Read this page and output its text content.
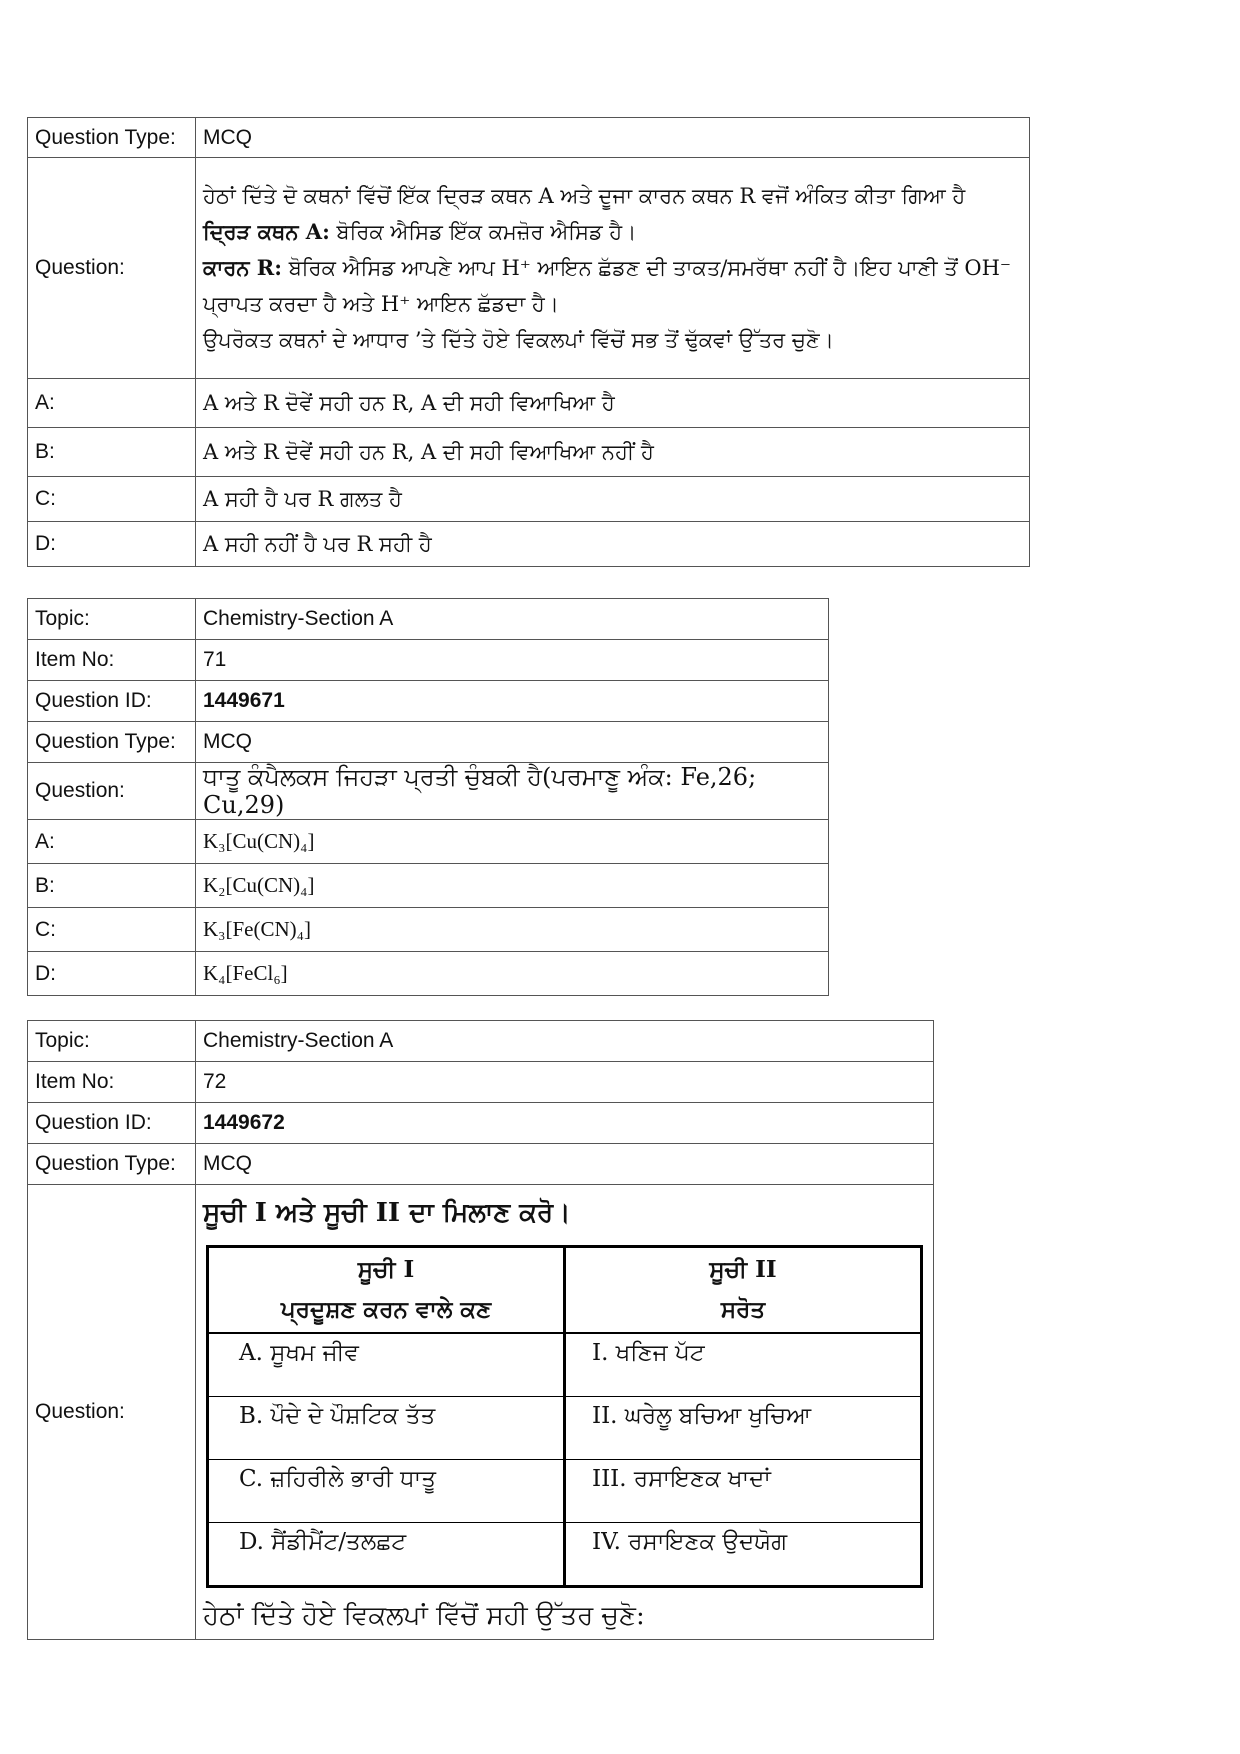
Question Type:	MCQ
Question:	ਹੇਠਾਂ ਦਿੱਤੇ ਦੋ ਕਥਨਾਂ ਵਿੱਚੋਂ ਇੱਕ ਦ੍ਰਿੜ ਕਥਨ A ਅਤੇ ਦੂਜਾ ਕਾਰਨ ਕਥਨ R ਵਜੋਂ ਅੰਕਿਤ ਕੀਤਾ ਗਿਆ ਹੈ
ਦ੍ਰਿੜ ਕਥਨ A: ਬੋਰਿਕ ਐਸਿਡ ਇੱਕ ਕਮਜ਼ੋਰ ਐਸਿਡ ਹੈ।
ਕਾਰਨ R: ਬੋਰਿਕ ਐਸਿਡ ਆਪਣੇ ਆਪ H⁺ ਆਇਨ ਛੱਡਣ ਦੀ ਤਾਕਤ/ਸਮਰੱਥਾ ਨਹੀਂ ਹੈ।ਇਹ ਪਾਣੀ ਤੋਂ OH⁻ ਪ੍ਰਾਪਤ ਕਰਦਾ ਹੈ ਅਤੇ H⁺ ਆਇਨ ਛੱਡਦਾ ਹੈ।
ਉਪਰੋਕਤ ਕਥਨਾਂ ਦੇ ਆਧਾਰ ’ਤੇ ਦਿੱਤੇ ਹੋਏ ਵਿਕਲਪਾਂ ਵਿੱਚੋਂ ਸਭ ਤੋਂ ਢੁੱਕਵਾਂ ਉੱਤਰ ਚੁਣੋ।

A:	A ਅਤੇ R ਦੋਵੇਂ ਸਹੀ ਹਨ R, A ਦੀ ਸਹੀ ਵਿਆਖਿਆ ਹੈ
B:	A ਅਤੇ R ਦੋਵੇਂ ਸਹੀ ਹਨ R, A ਦੀ ਸਹੀ ਵਿਆਖਿਆ ਨਹੀਂ ਹੈ
C:	A ਸਹੀ ਹੈ ਪਰ R ਗਲਤ ਹੈ
D:	A ਸਹੀ ਨਹੀਂ ਹੈ ਪਰ R ਸਹੀ ਹੈ
Topic:	Chemistry-Section A
Item No:	71
Question ID:	1449671
Question Type:	MCQ
Question:	ਧਾਤੂ ਕੰਪੈਲਕਸ ਜਿਹੜਾ ਪ੍ਰਤੀ ਚੁੰਬਕੀ ਹੈ(ਪਰਮਾਣੂ ਅੰਕ: Fe,26; Cu,29)
A:	K₃[Cu(CN)₄]
B:	K₂[Cu(CN)₄]
C:	K₃[Fe(CN)₄]
D:	K₄[FeCl₆]
Topic:	Chemistry-Section A
Item No:	72
Question ID:	1449672
Question Type:	MCQ
Question:	
ਸੂਚੀ I ਅਤੇ ਸੂਚੀ II ਦਾ ਮਿਲਾਣ ਕਰੋ।
ਸੂਚੀ I
ਪ੍ਰਦੂਸ਼ਣ ਕਰਨ ਵਾਲੇ ਕਣ

ਸੂਚੀ II
ਸਰੋਤ

A. ਸੂਖਮ ਜੀਵ	I. ਖਣਿਜ ਪੱਟ
B. ਪੌਦੇ ਦੇ ਪੌਸ਼ਟਿਕ ਤੱਤ	II. ਘਰੇਲੂ ਬਚਿਆ ਖੁਚਿਆ
C. ਜ਼ਹਿਰੀਲੇ ਭਾਰੀ ਧਾਤੂ	III. ਰਸਾਇਣਕ ਖਾਦਾਂ
D. ਸੈਂਡੀਮੈਂਟ/ਤਲਛਟ	IV. ਰਸਾਇਣਕ ਉਦਯੋਗ
ਹੇਠਾਂ ਦਿੱਤੇ ਹੋਏ ਵਿਕਲਪਾਂ ਵਿੱਚੋਂ ਸਹੀ ਉੱਤਰ ਚੁਣੋ:
